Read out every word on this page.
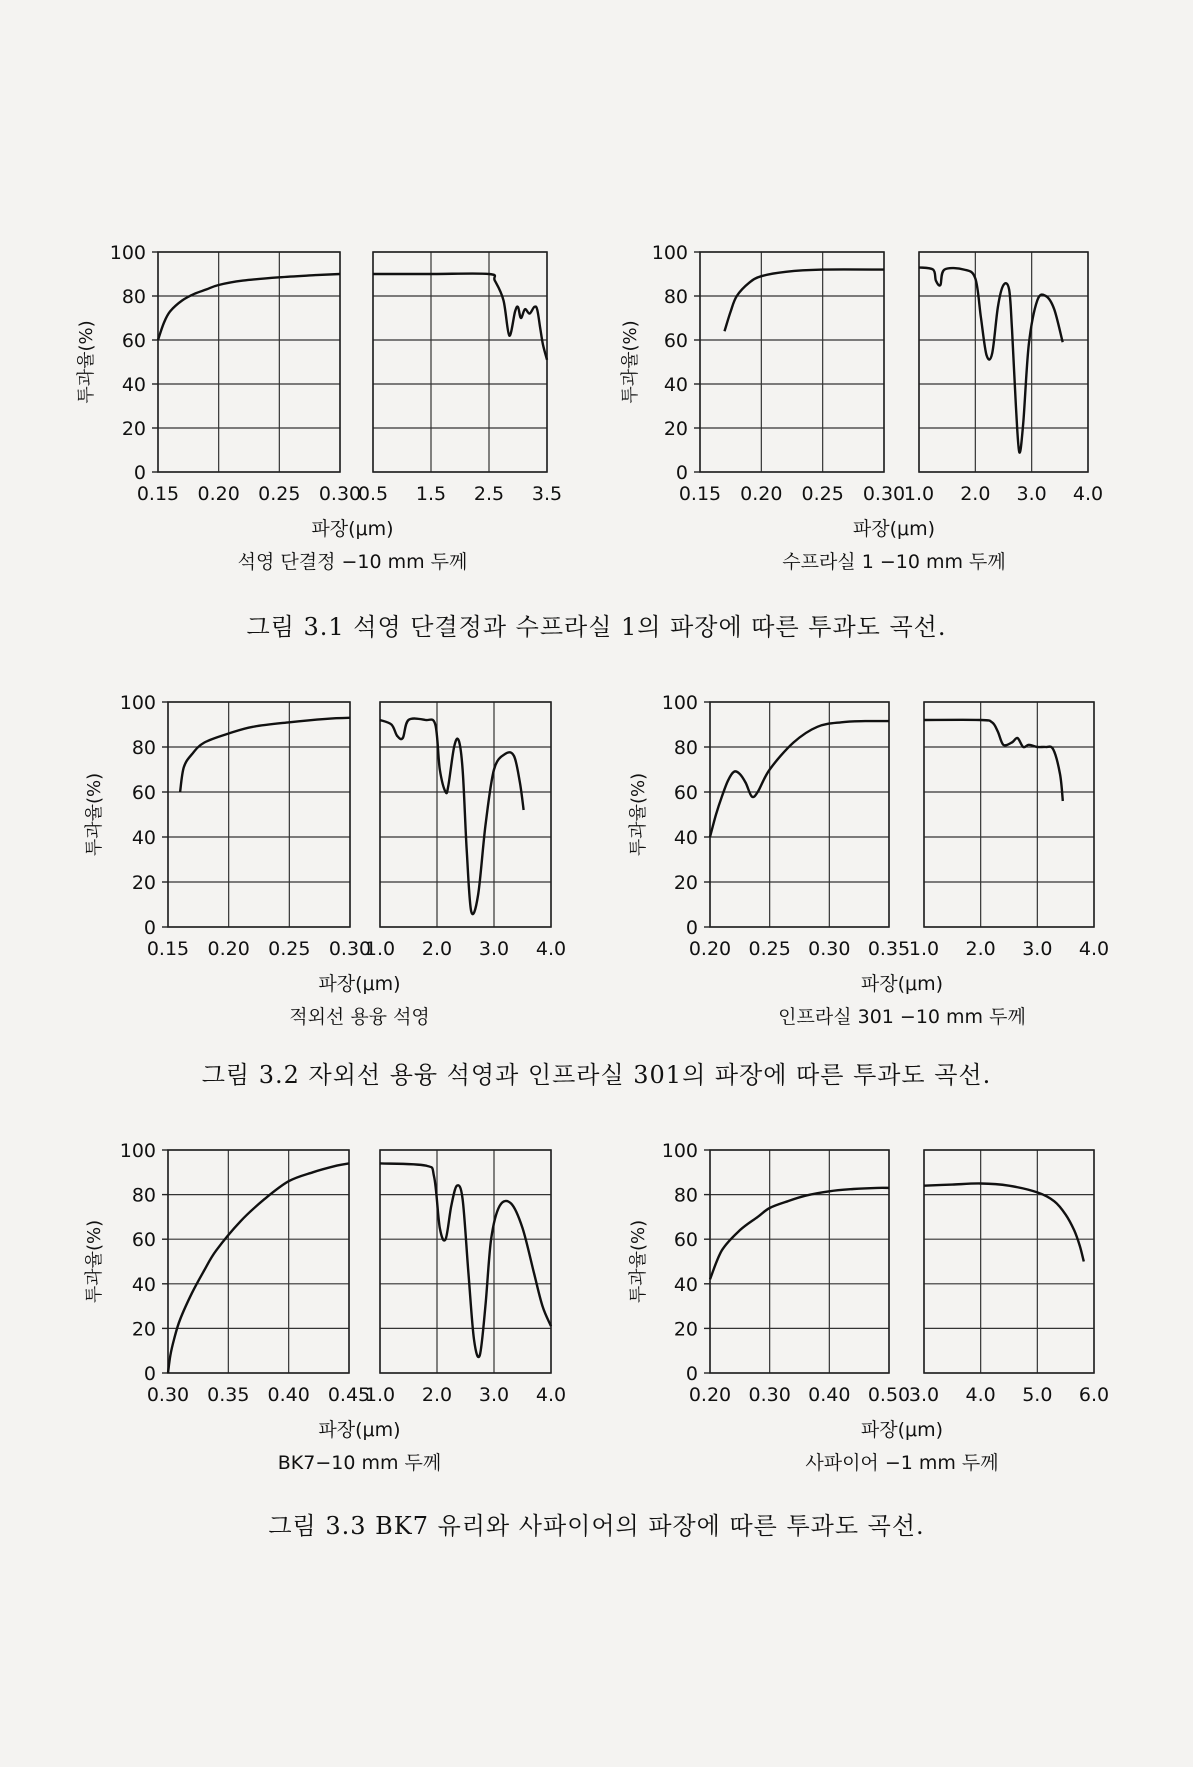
투과율(%)
0
20
40
60
80
100
0.15 0.20 0.25 0.30
0.5 1.5 2.5 3.5
파장(μm)
석영 단결정 −10 mm 두께
투과율(%)
0
20
40
60
80
100
0.15 0.20 0.25 0.30
1.0 2.0 3.0 4.0
파장(μm)
수프라실 1 −10 mm 두께
투과율(%)
0
20
40
60
80
100
0.15 0.20 0.25 0.30
1.0 2.0 3.0 4.0
파장(μm)
적외선 용융 석영
투과율(%)
0
20
40
60
80
100
0.20 0.25 0.30 0.35
1.0 2.0 3.0 4.0
파장(μm)
인프라실 301 −10 mm 두께
투과율(%)
0
20
40
60
80
100
0.30 0.35 0.40 0.45
1.0 2.0 3.0 4.0
파장(μm)
BK7−10 mm 두께
투과율(%)
0
20
40
60
80
100
0.20 0.30 0.40 0.50
3.0 4.0 5.0 6.0
파장(μm)
사파이어 −1 mm 두께
그림 3.1 석영 단결정과 수프라실 1의 파장에 따른 투과도 곡선.
그림 3.2 자외선 용융 석영과 인프라실 301의 파장에 따른 투과도 곡선.
그림 3.3 BK7 유리와 사파이어의 파장에 따른 투과도 곡선.
